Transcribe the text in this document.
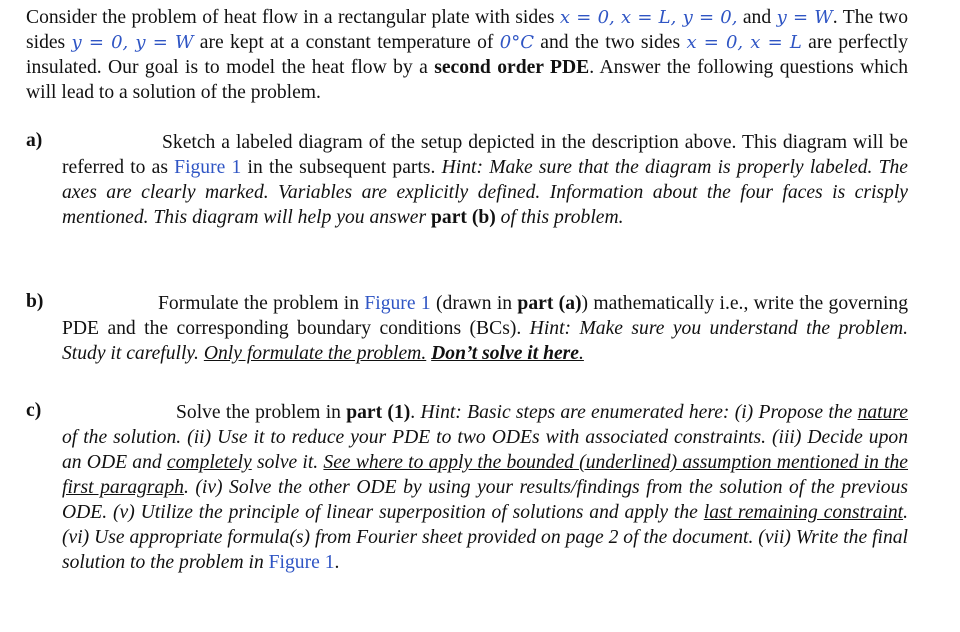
Consider the problem of heat flow in a rectangular plate with sides x = 0, x = L, y = 0, and y = W. The two sides y = 0, y = W are kept at a constant temperature of 0°C and the two sides x = 0, x = L are perfectly insulated. Our goal is to model the heat flow by a second order PDE. Answer the following questions which will lead to a solution of the problem.

a)	Sketch a labeled diagram of the setup depicted in the description above. This diagram will be referred to as Figure 1 in the subsequent parts. Hint: Make sure that the diagram is properly labeled. The axes are clearly marked. Variables are explicitly defined. Information about the four faces is crisply mentioned. This diagram will help you answer part (b) of this problem.

b)	Formulate the problem in Figure 1 (drawn in part (a)) mathematically i.e., write the governing PDE and the corresponding boundary conditions (BCs). Hint: Make sure you understand the problem. Study it carefully. Only formulate the problem. Don’t solve it here.

c)	Solve the problem in part (1). Hint: Basic steps are enumerated here: (i) Propose the nature of the solution. (ii) Use it to reduce your PDE to two ODEs with associated constraints. (iii) Decide upon an ODE and completely solve it. See where to apply the bounded (underlined) assumption mentioned in the first paragraph. (iv) Solve the other ODE by using your results/findings from the solution of the previous ODE. (v) Utilize the principle of linear superposition of solutions and apply the last remaining constraint. (vi) Use appropriate formula(s) from Fourier sheet provided on page 2 of the document. (vii) Write the final solution to the problem in Figure 1.
